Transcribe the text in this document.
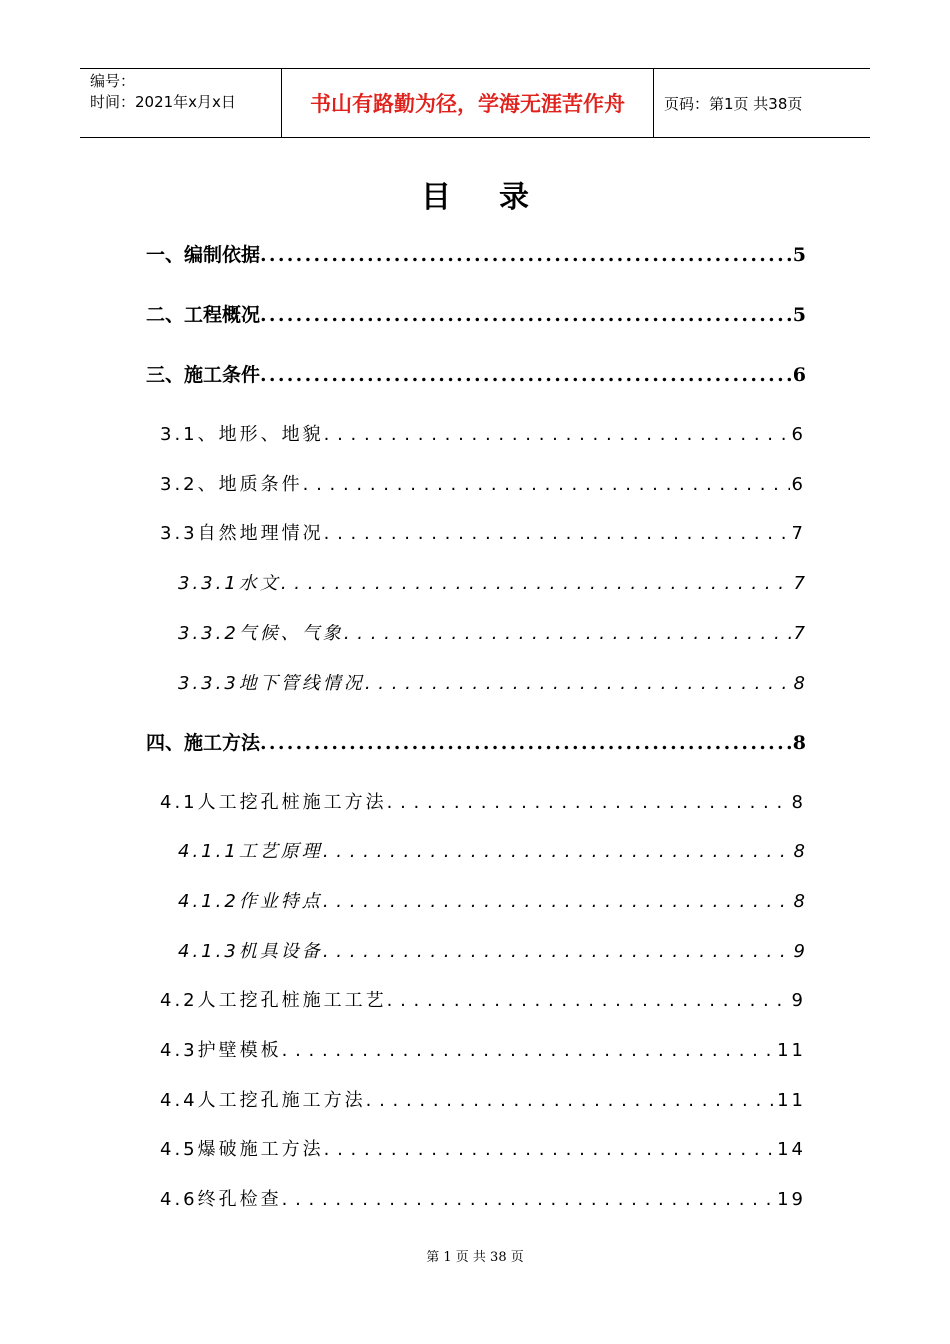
编号：
时间：2021年x月x日	书山有路勤为径，学海无涯苦作舟	页码：第1页 共38页
目录
一、编制依据 .....	5
二、工程概况 .....	5
三、施工条件 .....	6
3.1、地形、地貌 . . .	6
3.2、地质条件 . . .	6
3.3自然地理情况 . . .	7
3.3.1水文 . . .	7
3.3.2气候、气象 . . .	7
3.3.3地下管线情况 . . .	8
四、施工方法 .....	8
4.1人工挖孔桩施工方法 . . .	8
4.1.1工艺原理 . . .	8
4.1.2作业特点 . . .	8
4.1.3机具设备 . . .	9
4.2人工挖孔桩施工工艺 . . .	9
4.3护壁模板 . . .	11
4.4人工挖孔施工方法 . . .	11
4.5爆破施工方法 . . .	14
4.6终孔检查 . . .	19
第 1 页 共 38 页
